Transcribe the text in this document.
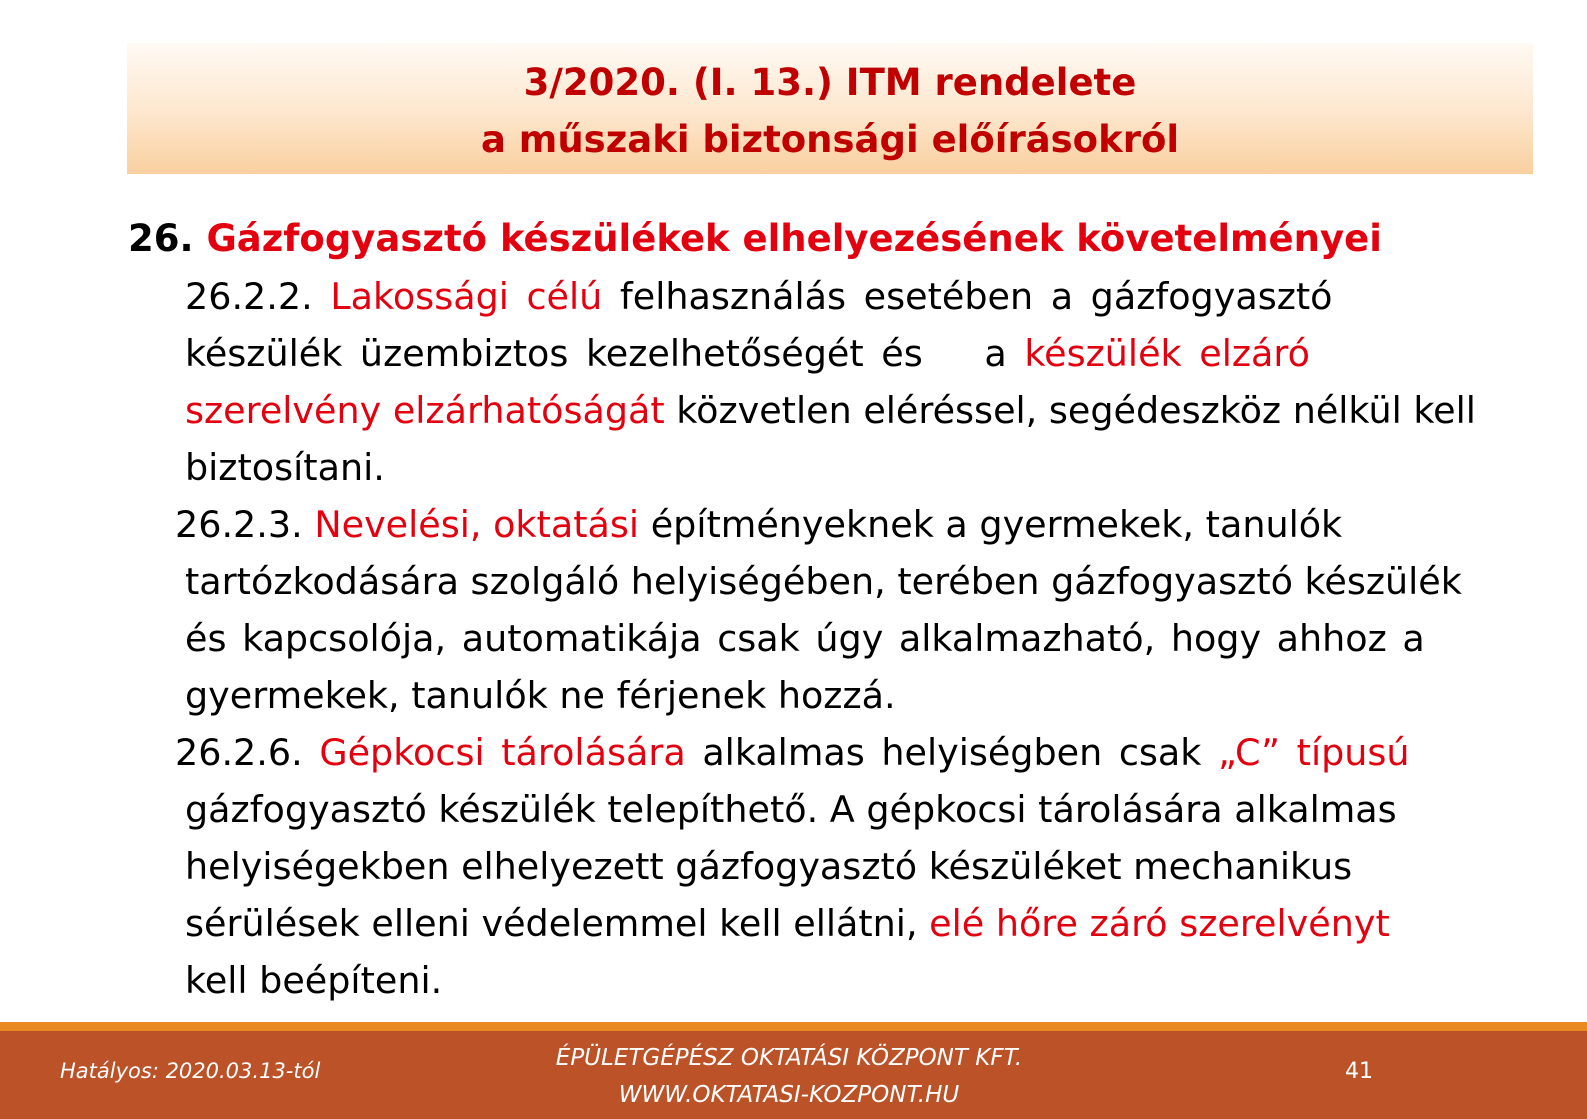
3/2020. (I. 13.) ITM rendelete
a műszaki biztonsági előírásokról
26. Gázfogyasztó készülékek elhelyezésének követelményei

26.2.2. Lakossági célú felhasználás esetében a gázfogyasztó

készülék üzembiztos kezelhetőségét és a készülék elzáró

szerelvény elzárhatóságát közvetlen eléréssel, segédeszköz nélkül kell

biztosítani.

26.2.3. Nevelési, oktatási építményeknek a gyermekek, tanulók

tartózkodására szolgáló helyiségében, terében gázfogyasztó készülék

és kapcsolója, automatikája csak úgy alkalmazható, hogy ahhoz a

gyermekek, tanulók ne férjenek hozzá.

26.2.6. Gépkocsi tárolására alkalmas helyiségben csak „C” típusú

gázfogyasztó készülék telepíthető. A gépkocsi tárolására alkalmas

helyiségekben elhelyezett gázfogyasztó készüléket mechanikus

sérülések elleni védelemmel kell ellátni, elé hőre záró szerelvényt

kell beépíteni.

Hatályos: 2020.03.13-tól	ÉPÜLETGÉPÉSZ OKTATÁSI KÖZPONT KFT.
WWW.OKTATASI-KOZPONT.HU
41
